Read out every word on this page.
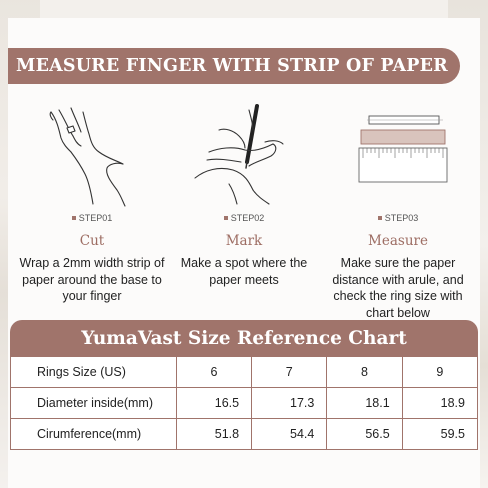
MEASURE FINGER WITH STRIP OF PAPER
STEP01
Cut
Wrap a 2mm width strip of paper around the base to your finger
STEP02
Mark
Make a spot where the paper meets
STEP03
Measure
Make sure the paper distance with arule, and check the ring size with chart below
YumaVast Size Reference Chart
Rings Size (US)	6	7	8	9
Diameter inside(mm)	16.5	17.3	18.1	18.9
Cirumference(mm)	51.8	54.4	56.5	59.5
